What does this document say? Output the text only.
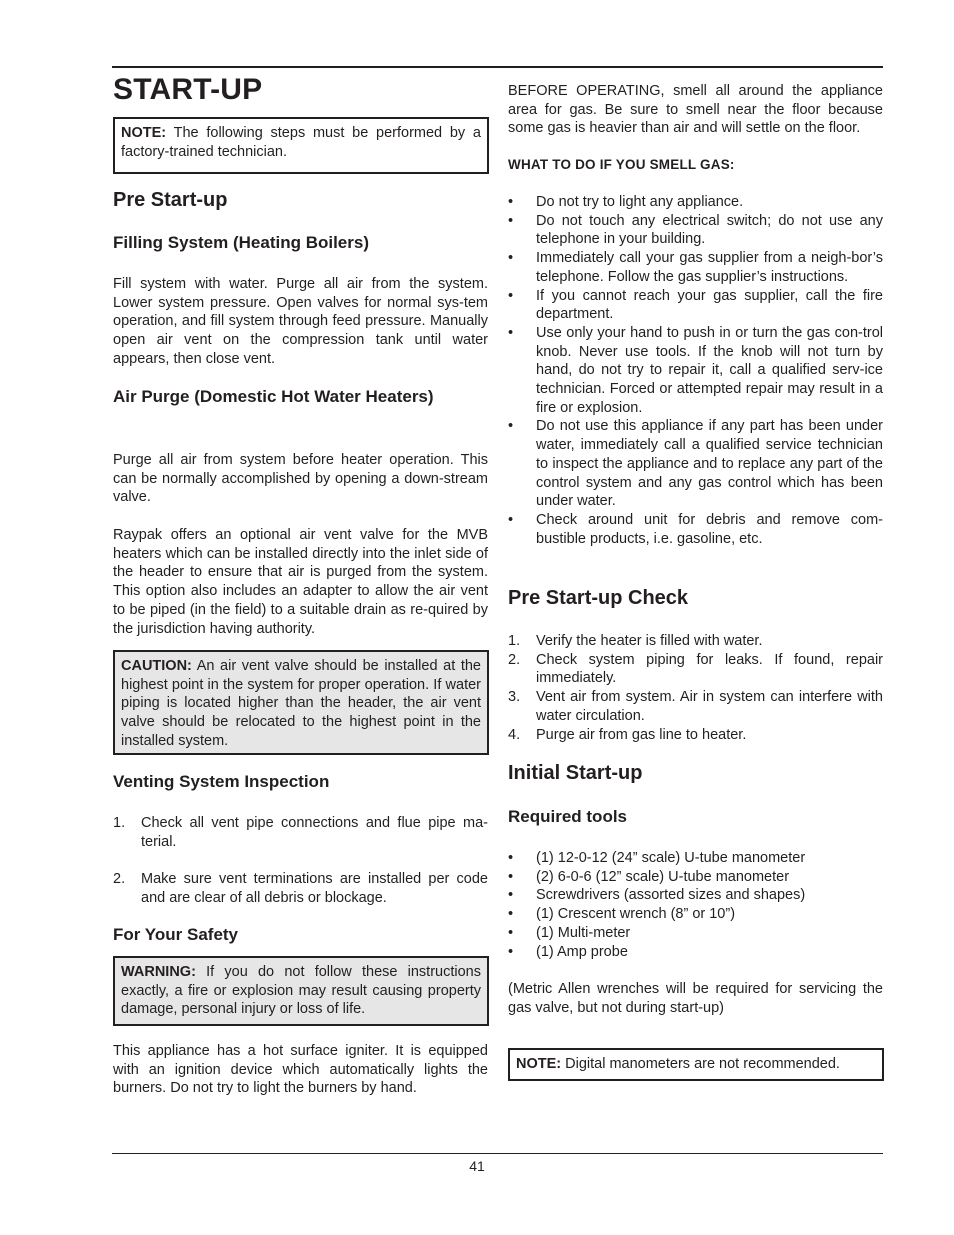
START-UP
NOTE: The following steps must be performed by a factory-trained technician.
Pre Start-up
Filling System (Heating Boilers)

Fill system with water. Purge all air from the system. Lower system pressure. Open valves for normal sys-tem operation, and fill system through feed pressure. Manually open air vent on the compression tank until water appears, then close vent.

Air Purge (Domestic Hot Water Heaters)

Purge all air from system before heater operation. This can be normally accomplished by opening a down-stream valve.

Raypak offers an optional air vent valve for the MVB heaters which can be installed directly into the inlet side of the header to ensure that air is purged from the system. This option also includes an adapter to allow the air vent to be piped (in the field) to a suitable drain as re-quired by the jurisdiction having authority.

CAUTION: An air vent valve should be installed at the highest point in the system for proper operation. If water piping is located higher than the header, the air vent valve should be relocated to the highest point in the installed system.
Venting System Inspection
1. Check all vent pipe connections and flue pipe ma-terial.
2. Make sure vent terminations are installed per code and are clear of all debris or blockage.
For Your Safety
WARNING: If you do not follow these instructions exactly, a fire or explosion may result causing property damage, personal injury or loss of life.

This appliance has a hot surface igniter. It is equipped with an ignition device which automatically lights the burners. Do not try to light the burners by hand.

BEFORE OPERATING, smell all around the appliance area for gas. Be sure to smell near the floor because some gas is heavier than air and will settle on the floor.

WHAT TO DO IF YOU SMELL GAS:
• Do not try to light any appliance.
• Do not touch any electrical switch; do not use any telephone in your building.
• Immediately call your gas supplier from a neigh-bor’s telephone. Follow the gas supplier’s instructions.
• If you cannot reach your gas supplier, call the fire department.
• Use only your hand to push in or turn the gas con-trol knob. Never use tools. If the knob will not turn by hand, do not try to repair it, call a qualified serv-ice technician. Forced or attempted repair may result in a fire or explosion.
• Do not use this appliance if any part has been under water, immediately call a qualified service technician to inspect the appliance and to replace any part of the control system and any gas control which has been under water.
• Check around unit for debris and remove com-bustible products, i.e. gasoline, etc.
Pre Start-up Check
1. Verify the heater is filled with water.
2. Check system piping for leaks. If found, repair immediately.
3. Vent air from system. Air in system can interfere with water circulation.
4. Purge air from gas line to heater.
Initial Start-up
Required tools
• (1) 12-0-12 (24” scale) U-tube manometer
• (2) 6-0-6 (12” scale) U-tube manometer
• Screwdrivers (assorted sizes and shapes)
• (1) Crescent wrench (8” or 10”)
• (1) Multi-meter
• (1) Amp probe

(Metric Allen wrenches will be required for servicing the gas valve, but not during start-up)

NOTE: Digital manometers are not recommended.
41
